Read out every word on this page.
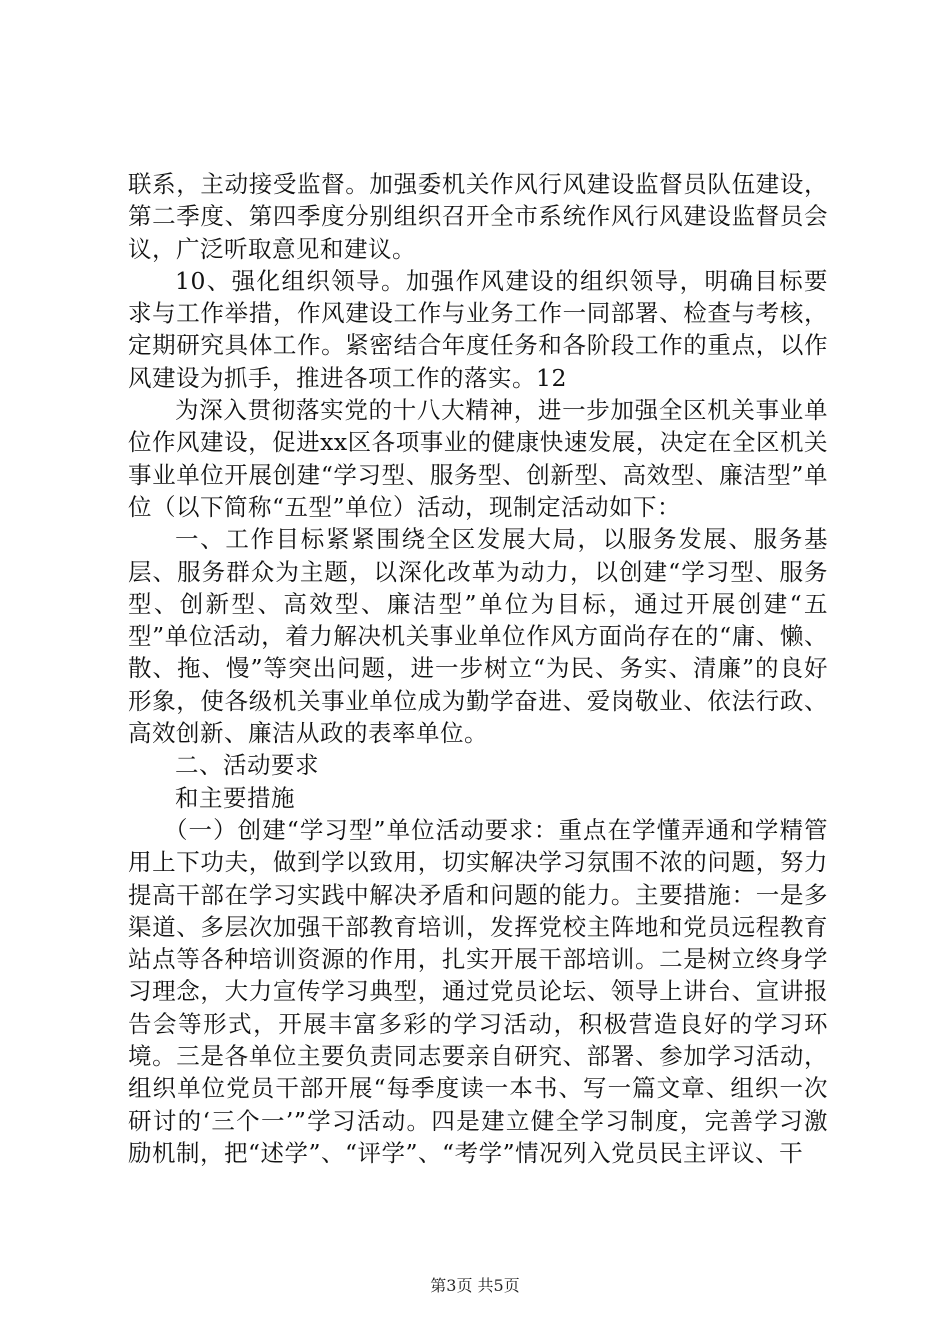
联系，主动接受监督。加强委机关作风行风建设监督员队伍建设，第二季度、第四季度分别组织召开全市系统作风行风建设监督员会议，广泛听取意见和建议。

10、强化组织领导。加强作风建设的组织领导，明确目标要求与工作举措，作风建设工作与业务工作一同部署、检查与考核，定期研究具体工作。紧密结合年度任务和各阶段工作的重点，以作风建设为抓手，推进各项工作的落实。12

为深入贯彻落实党的十八大精神，进一步加强全区机关事业单位作风建设，促进xx区各项事业的健康快速发展，决定在全区机关事业单位开展创建“学习型、服务型、创新型、高效型、廉洁型”单位（以下简称“五型”单位）活动，现制定活动如下：

一、工作目标紧紧围绕全区发展大局，以服务发展、服务基层、服务群众为主题，以深化改革为动力，以创建“学习型、服务型、创新型、高效型、廉洁型”单位为目标，通过开展创建“五型”单位活动，着力解决机关事业单位作风方面尚存在的“庸、懒、散、拖、慢”等突出问题，进一步树立“为民、务实、清廉”的良好形象，使各级机关事业单位成为勤学奋进、爱岗敬业、依法行政、高效创新、廉洁从政的表率单位。

二、活动要求

和主要措施

（一）创建“学习型”单位活动要求：重点在学懂弄通和学精管用上下功夫，做到学以致用，切实解决学习氛围不浓的问题，努力提高干部在学习实践中解决矛盾和问题的能力。主要措施：一是多渠道、多层次加强干部教育培训，发挥党校主阵地和党员远程教育站点等各种培训资源的作用，扎实开展干部培训。二是树立终身学习理念，大力宣传学习典型，通过党员论坛、领导上讲台、宣讲报告会等形式，开展丰富多彩的学习活动，积极营造良好的学习环境。三是各单位主要负责同志要亲自研究、部署、参加学习活动，组织单位党员干部开展“每季度读一本书、写一篇文章、组织一次研讨的‘三个一’”学习活动。四是建立健全学习制度，完善学习激励机制，把“述学”、“评学”、“考学”情况列入党员民主评议、干

第3页 共5页
